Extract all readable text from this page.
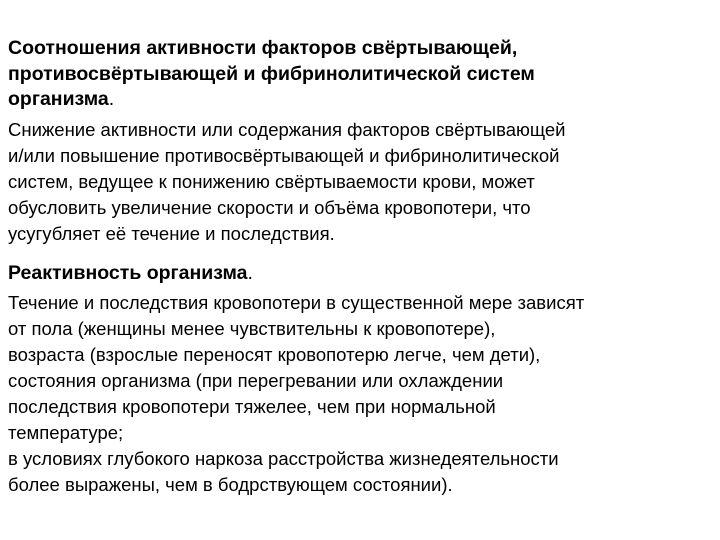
Соотношения активности факторов свёртывающей,
противосвёртывающей и фибринолитической систем
организма.

Снижение активности или содержания факторов свёртывающей
и/или повышение противосвёртывающей и фибринолитической
систем, ведущее к понижению свёртываемости крови, может
обусловить увеличение скорости и объёма кровопотери, что
усугубляет её течение и последствия.

Реактивность организма.

Течение и последствия кровопотери в существенной мере зависят
от пола (женщины менее чувствительны к кровопотере),
возраста (взрослые переносят кровопотерю легче, чем дети),
состояния организма (при перегревании или охлаждении
последствия кровопотери тяжелее, чем при нормальной
температуре;
в условиях глубокого наркоза расстройства жизнедеятельности
более выражены, чем в бодрствующем состоянии).
